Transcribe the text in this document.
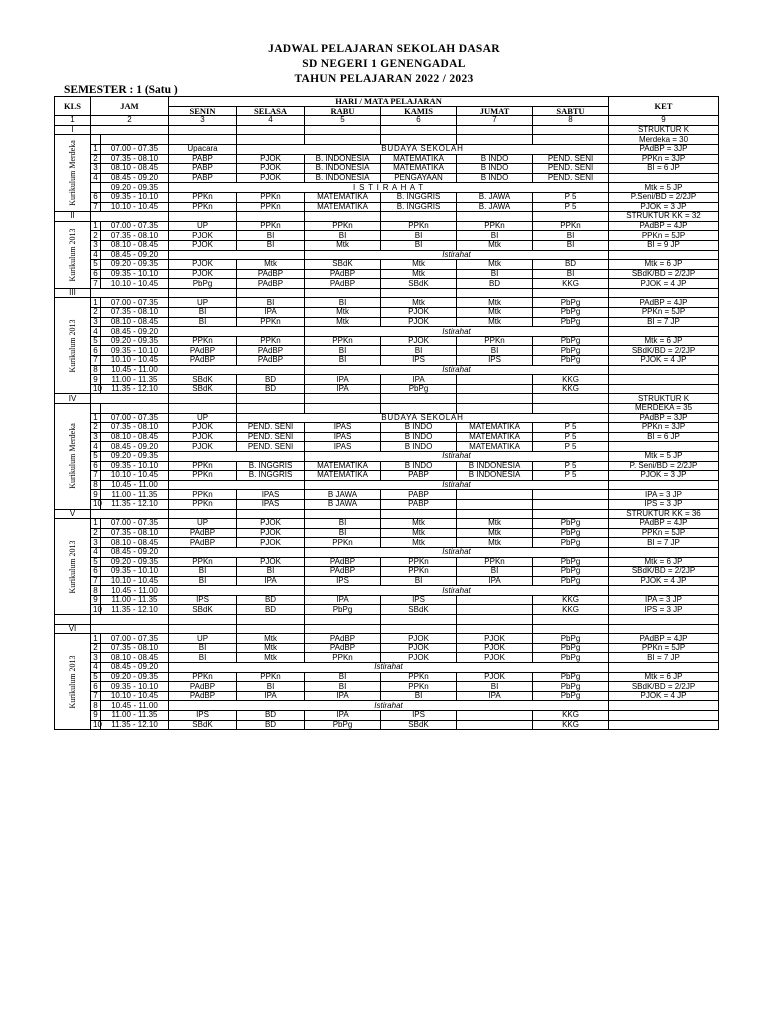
JADWAL PELAJARAN SEKOLAH DASAR
SD NEGERI 1 GENENGADAL
TAHUN PELAJARAN 2022 / 2023
SEMESTER : 1 (Satu )
KLS	JAM		HARI / MATA PELAJARAN						KET
			SENIN	SELASA	RABU	KAMIS	JUMAT	SABTU	
1	2		3	4	5	6	7	8	9
I									STRUKTUR K

Kurikulum Merdeka									Merdeka = 30
	1	07.00 - 07.35	Upacara	BUDAYA SEKOLAH					PAdBP = 3JP
	2	07.35 - 08.10	PABP	PJOK	B. INDONESIA	MATEMATIKA	B INDO	PEND. SENI	PPKn = 3JP
	3	08.10 - 08.45	PABP	PJOK	B. INDONESIA	MATEMATIKA	B INDO	PEND. SENI	BI = 6 JP
	4	08.45 - 09.20	PABP	PJOK	B. INDONESIA	PENGAYAAN	B INDO	PEND. SENI	
		09.20 - 09.35	I S T I R A H A T						Mtk = 5 JP
	6	09.35 - 10.10	PPKn	PPKn	MATEMATIKA	B. INGGRIS	B. JAWA	P 5	P.Seni/BD = 2/2JP
	7	10.10 - 10.45	PPKn	PPKn	MATEMATIKA	B. INGGRIS	B. JAWA	P 5	PJOK = 3 JP
II									STRUKTUR KK = 32

Kurikulum 2013	1	07.00 - 07.35	UP	PPKn	PPKn	PPKn	PPKn	PPKn	PAdBP = 4JP
	2	07.35 - 08.10	PJOK	BI	BI	BI	BI	BI	PPKn = 5JP
	3	08.10 - 08.45	PJOK	BI	Mtk	BI	Mtk	BI	BI = 9 JP
	4	08.45 - 09.20			Istirahat				
	5	09.20 - 09.35	PJOK	Mtk	SBdK	Mtk	Mtk	BD	Mtk = 6 JP
	6	09.35 - 10.10	PJOK	PAdBP	PAdBP	Mtk	BI	BI	SBdK/BD = 2/2JP
	7	10.10 - 10.45	PbPg	PAdBP	PAdBP	SBdK	BD	KKG	PJOK = 4 JP
III									

Kurikulum 2013	1	07.00 - 07.35	UP	BI	BI	Mtk	Mtk	PbPg	PAdBP = 4JP
	2	07.35 - 08.10	BI	IPA	Mtk	PJOK	Mtk	PbPg	PPKn = 5JP
	3	08.10 - 08.45	BI	PPKn	Mtk	PJOK	Mtk	PbPg	BI = 7 JP
	4	08.45 - 09.20			Istirahat				
	5	09.20 - 09.35	PPKn	PPKn	PPKn	PJOK	PPKn	PbPg	Mtk = 6 JP
	6	09.35 - 10.10	PAdBP	PAdBP	BI	BI	BI	PbPg	SBdK/BD = 2/2JP
	7	10.10 - 10.45	PAdBP	PAdBP	BI	IPS	IPS	PbPg	PJOK = 4 JP
	8	10.45 - 11.00			Istirahat				
	9	11.00 - 11.35	SBdK	BD	IPA	IPA		KKG	
	10	11.35 - 12.10	SBdK	BD	IPA	PbPg		KKG	
IV									STRUKTUR K

Kurikulum Merdeka									MERDEKA = 35
	1	07.00 - 07.35	UP	BUDAYA SEKOLAH					PAdBP = 3JP
	2	07.35 - 08.10	PJOK	PEND. SENI	IPAS	B INDO	MATEMATIKA	P 5	PPKn = 3JP
	3	08.10 - 08.45	PJOK	PEND. SENI	IPAS	B INDO	MATEMATIKA	P 5	BI = 6 JP
	4	08.45 - 09.20	PJOK	PEND. SENI	IPAS	B INDO	MATEMATIKA	P 5	
	5	09.20 - 09.35			Istirahat				Mtk = 5 JP
	6	09.35 - 10.10	PPKn	B. INGGRIS	MATEMATIKA	B INDO	B INDONESIA	P 5	P. Seni/BD = 2/2JP
	7	10.10 - 10.45	PPKn	B. INGGRIS	MATEMATIKA	PABP	B INDONESIA	P 5	PJOK = 3 JP
	8	10.45 - 11.00			Istirahat				
	9	11.00 - 11.35	PPKn	IPAS	B JAWA	PABP			IPA = 3 JP
	10	11.35 - 12.10	PPKn	IPAS	B JAWA	PABP			IPS = 3 JP
V									STRUKTUR KK = 36

Kurikulum 2013	1	07.00 - 07.35	UP	PJOK	BI	Mtk	Mtk	PbPg	PAdBP = 4JP
	2	07.35 - 08.10	PAdBP	PJOK	BI	Mtk	Mtk	PbPg	PPKn = 5JP
	3	08.10 - 08.45	PAdBP	PJOK	PPKn	Mtk	Mtk	PbPg	BI = 7 JP
	4	08.45 - 09.20			Istirahat				
	5	09.20 - 09.35	PPKn	PJOK	PAdBP	PPKn	PPKn	PbPg	Mtk = 6 JP
	6	09.35 - 10.10	BI	BI	PAdBP	PPKn	BI	PbPg	SBdK/BD = 2/2JP
	7	10.10 - 10.45	BI	IPA	IPS	BI	IPA	PbPg	PJOK = 4 JP
	8	10.45 - 11.00			Istirahat				
	9	11.00 - 11.35	IPS	BD	IPA	IPS		KKG	IPA = 3 JP
	10	11.35 - 12.10	SBdK	BD	PbPg	SBdK		KKG	IPS = 3 JP

VI									

Kurikulum 2013	1	07.00 - 07.35	UP	Mtk	PAdBP	PJOK	PJOK	PbPg	PAdBP = 4JP
	2	07.35 - 08.10	BI	Mtk	PAdBP	PJOK	PJOK	PbPg	PPKn = 5JP
	3	08.10 - 08.45	BI	Mtk	PPKn	PJOK	PJOK	PbPg	BI = 7 JP
	4	08.45 - 09.20	Istirahat						
	5	09.20 - 09.35	PPKn	PPKn	BI	PPKn	PJOK	PbPg	Mtk = 6 JP
	6	09.35 - 10.10	PAdBP	BI	BI	PPKn	BI	PbPg	SBdK/BD = 2/2JP
	7	10.10 - 10.45	PAdBP	IPA	IPA	BI	IPA	PbPg	PJOK = 4 JP
	8	10.45 - 11.00	Istirahat						
	9	11.00 - 11.35	IPS	BD	IPA	IPS		KKG	
	10	11.35 - 12.10	SBdK	BD	PbPg	SBdK		KKG	
